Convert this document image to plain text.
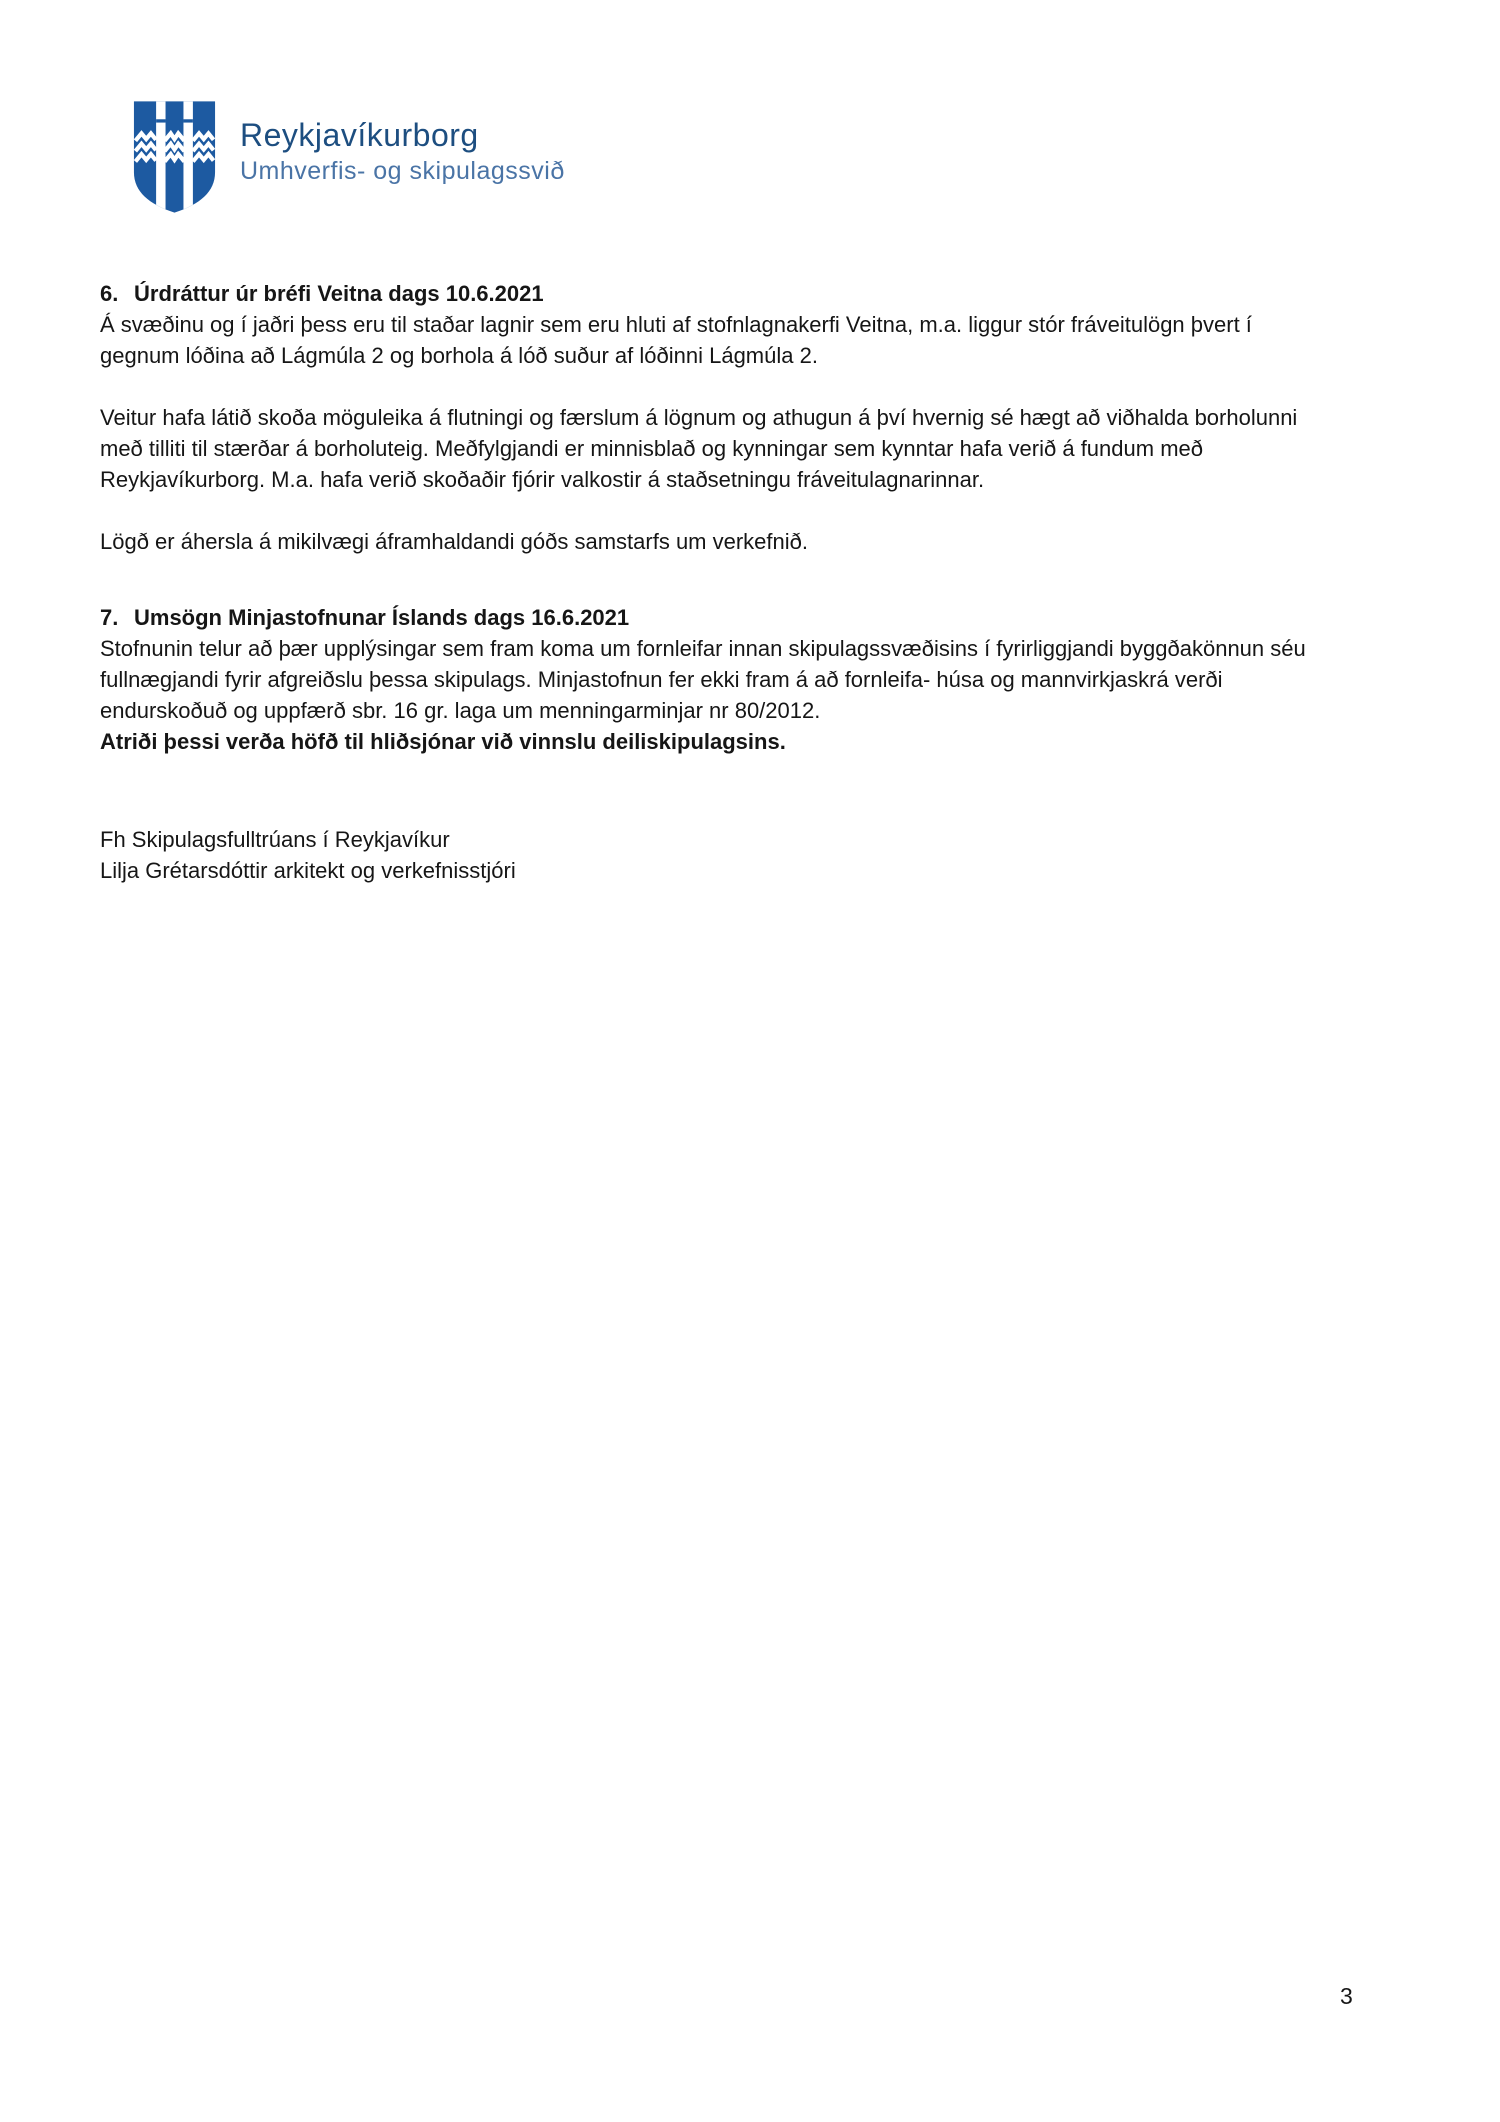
Reykjavíkurborg
Umhverfis- og skipulagssvið
6. Úrdráttur úr bréfi Veitna dags 10.6.2021

Á svæðinu og í jaðri þess eru til staðar lagnir sem eru hluti af stofnlagnakerfi Veitna, m.a. liggur stór fráveitulögn þvert í gegnum lóðina að Lágmúla 2 og borhola á lóð suður af lóðinni Lágmúla 2.

Veitur hafa látið skoða möguleika á flutningi og færslum á lögnum og athugun á því hvernig sé hægt að viðhalda borholunni með tilliti til stærðar á borholuteig. Meðfylgjandi er minnisblað og kynningar sem kynntar hafa verið á fundum með Reykjavíkurborg. M.a. hafa verið skoðaðir fjórir valkostir á staðsetningu fráveitulagnarinnar.

Lögð er áhersla á mikilvægi áframhaldandi góðs samstarfs um verkefnið.

7. Umsögn Minjastofnunar Íslands dags 16.6.2021

Stofnunin telur að þær upplýsingar sem fram koma um fornleifar innan skipulagssvæðisins í fyrirliggjandi byggðakönnun séu fullnægjandi fyrir afgreiðslu þessa skipulags. Minjastofnun fer ekki fram á að fornleifa- húsa og mannvirkjaskrá verði endurskoðuð og uppfærð sbr. 16 gr. laga um menningarminjar nr 80/2012.

Atriði þessi verða höfð til hliðsjónar við vinnslu deiliskipulagsins.

Fh Skipulagsfulltrúans í Reykjavíkur

Lilja Grétarsdóttir arkitekt og verkefnisstjóri

3
